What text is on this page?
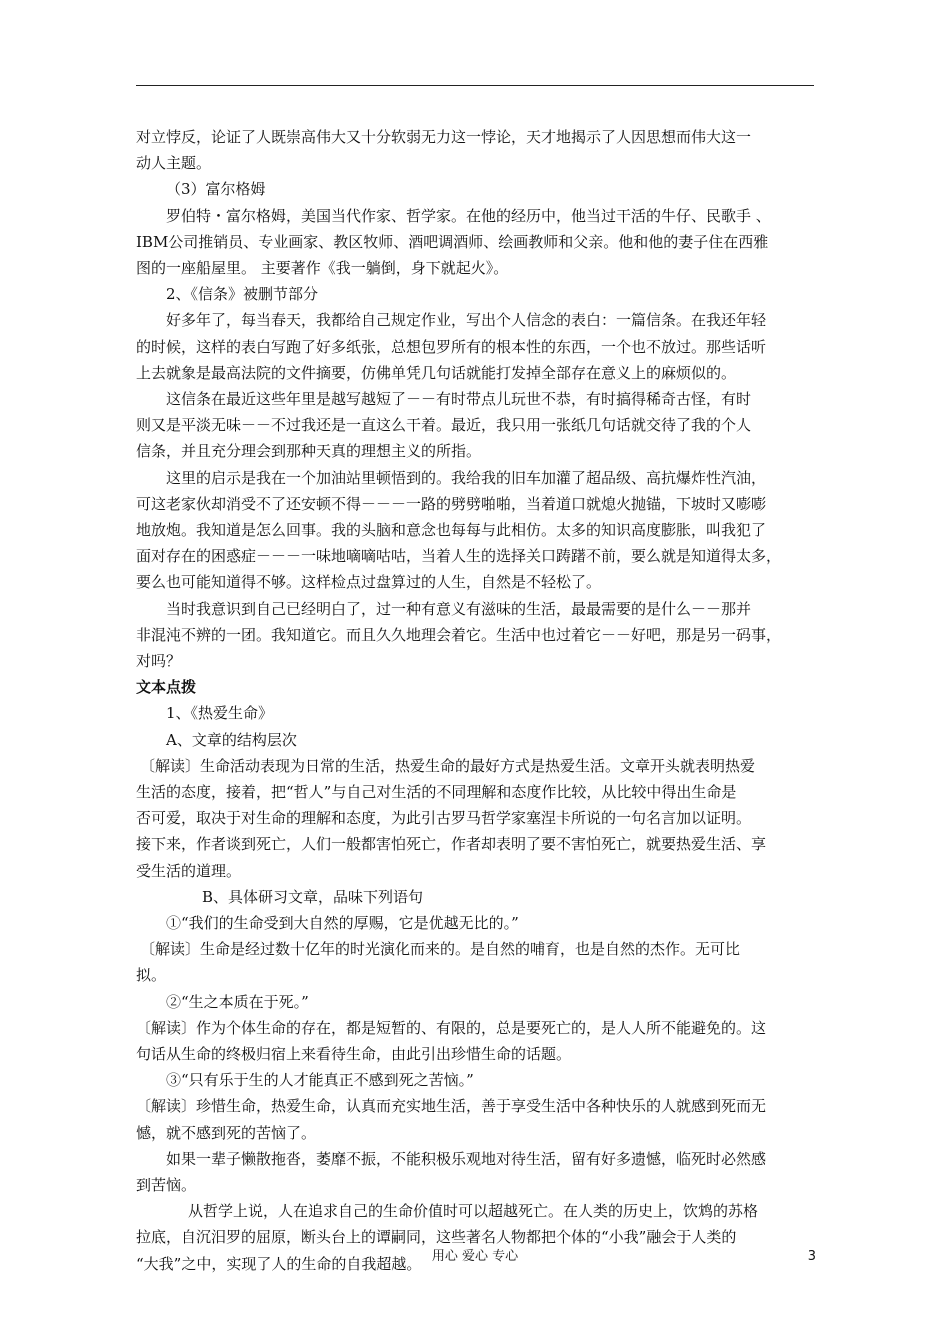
对立悖反，论证了人既崇高伟大又十分软弱无力这一悖论，天才地揭示了人因思想而伟大这一
动人主题。
（3）富尔格姆
罗伯特・富尔格姆，美国当代作家、哲学家。在他的经历中，他当过干活的牛仔、民歌手 、
IBM公司推销员、专业画家、教区牧师、酒吧调酒师、绘画教师和父亲。他和他的妻子住在西雅
图的一座船屋里。 主要著作《我一躺倒，身下就起火》。
2、《信条》被删节部分
好多年了，每当春天，我都给自己规定作业，写出个人信念的表白：一篇信条。在我还年轻
的时候，这样的表白写跑了好多纸张，总想包罗所有的根本性的东西，一个也不放过。那些话听
上去就象是最高法院的文件摘要，仿佛单凭几句话就能打发掉全部存在意义上的麻烦似的。
这信条在最近这些年里是越写越短了－－有时带点儿玩世不恭，有时搞得稀奇古怪，有时
则又是平淡无味－－不过我还是一直这么干着。最近，我只用一张纸几句话就交待了我的个人
信条，并且充分理会到那种天真的理想主义的所指。
这里的启示是我在一个加油站里顿悟到的。我给我的旧车加灌了超品级、高抗爆炸性汽油，
可这老家伙却消受不了还安顿不得－－－一路的劈劈啪啪，当着道口就熄火抛锚，下坡时又嘭嘭
地放炮。我知道是怎么回事。我的头脑和意念也每每与此相仿。太多的知识高度膨胀，叫我犯了
面对存在的困惑症－－－一味地嘀嘀咕咕，当着人生的选择关口踌躇不前，要么就是知道得太多，
要么也可能知道得不够。这样检点过盘算过的人生，自然是不轻松了。
当时我意识到自己已经明白了，过一种有意义有滋味的生活，最最需要的是什么－－那并
非混沌不辨的一团。我知道它。而且久久地理会着它。生活中也过着它－－好吧，那是另一码事，
对吗？
文本点拨
1、《热爱生命》
A、文章的结构层次
〔解读〕生命活动表现为日常的生活，热爱生命的最好方式是热爱生活。文章开头就表明热爱
生活的态度，接着，把“哲人”与自己对生活的不同理解和态度作比较，从比较中得出生命是
否可爱，取决于对生命的理解和态度，为此引古罗马哲学家塞涅卡所说的一句名言加以证明。
接下来，作者谈到死亡，人们一般都害怕死亡，作者却表明了要不害怕死亡，就要热爱生活、享
受生活的道理。
B、具体研习文章，品味下列语句
①“我们的生命受到大自然的厚赐，它是优越无比的。”
〔解读〕生命是经过数十亿年的时光演化而来的。是自然的哺育，也是自然的杰作。无可比
拟。
②“生之本质在于死。”
〔解读〕作为个体生命的存在，都是短暂的、有限的，总是要死亡的，是人人所不能避免的。这
句话从生命的终极归宿上来看待生命，由此引出珍惜生命的话题。
③“只有乐于生的人才能真正不感到死之苦恼。”
〔解读〕珍惜生命，热爱生命，认真而充实地生活，善于享受生活中各种快乐的人就感到死而无
憾，就不感到死的苦恼了。
如果一辈子懒散拖沓，萎靡不振，不能积极乐观地对待生活，留有好多遗憾，临死时必然感
到苦恼。
从哲学上说，人在追求自己的生命价值时可以超越死亡。在人类的历史上，饮鸩的苏格
拉底，自沉汨罗的屈原，断头台上的谭嗣同，这些著名人物都把个体的“小我”融会于人类的
“大我”之中，实现了人的生命的自我超越。 用心 爱心 专心	3
